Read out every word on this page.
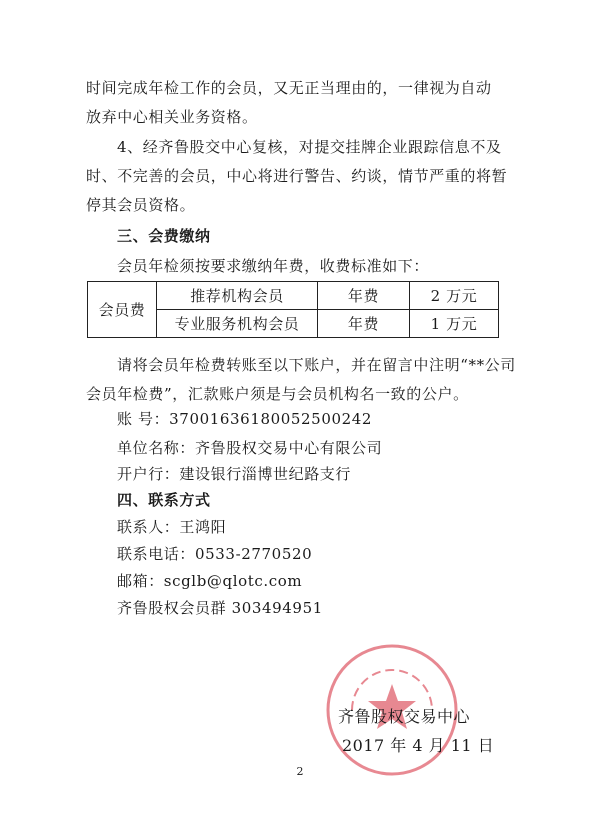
时间完成年检工作的会员，又无正当理由的，一律视为自动
放弃中心相关业务资格。

4、经齐鲁股交中心复核，对提交挂牌企业跟踪信息不及时、不完善的会员，中心将进行警告、约谈，情节严重的将暂停其会员资格。

三、会费缴纳
会员年检须按要求缴纳年费，收费标准如下：
会员费	推荐机构会员	年费	2 万元
	专业服务机构会员	年费	1 万元

请将会员年检费转账至以下账户，并在留言中注明“**公司会员年检费”，汇款账户须是与会员机构名一致的公户。

账 号：37001636180052500242
单位名称：齐鲁股权交易中心有限公司
开户行：建设银行淄博世纪路支行
四、联系方式
联系人：王鸿阳
联系电话：0533-2770520
邮箱：scglb@qlotc.com
齐鲁股权会员群 303494951
齐鲁股权交易中心
2017 年 4 月 11 日
2
